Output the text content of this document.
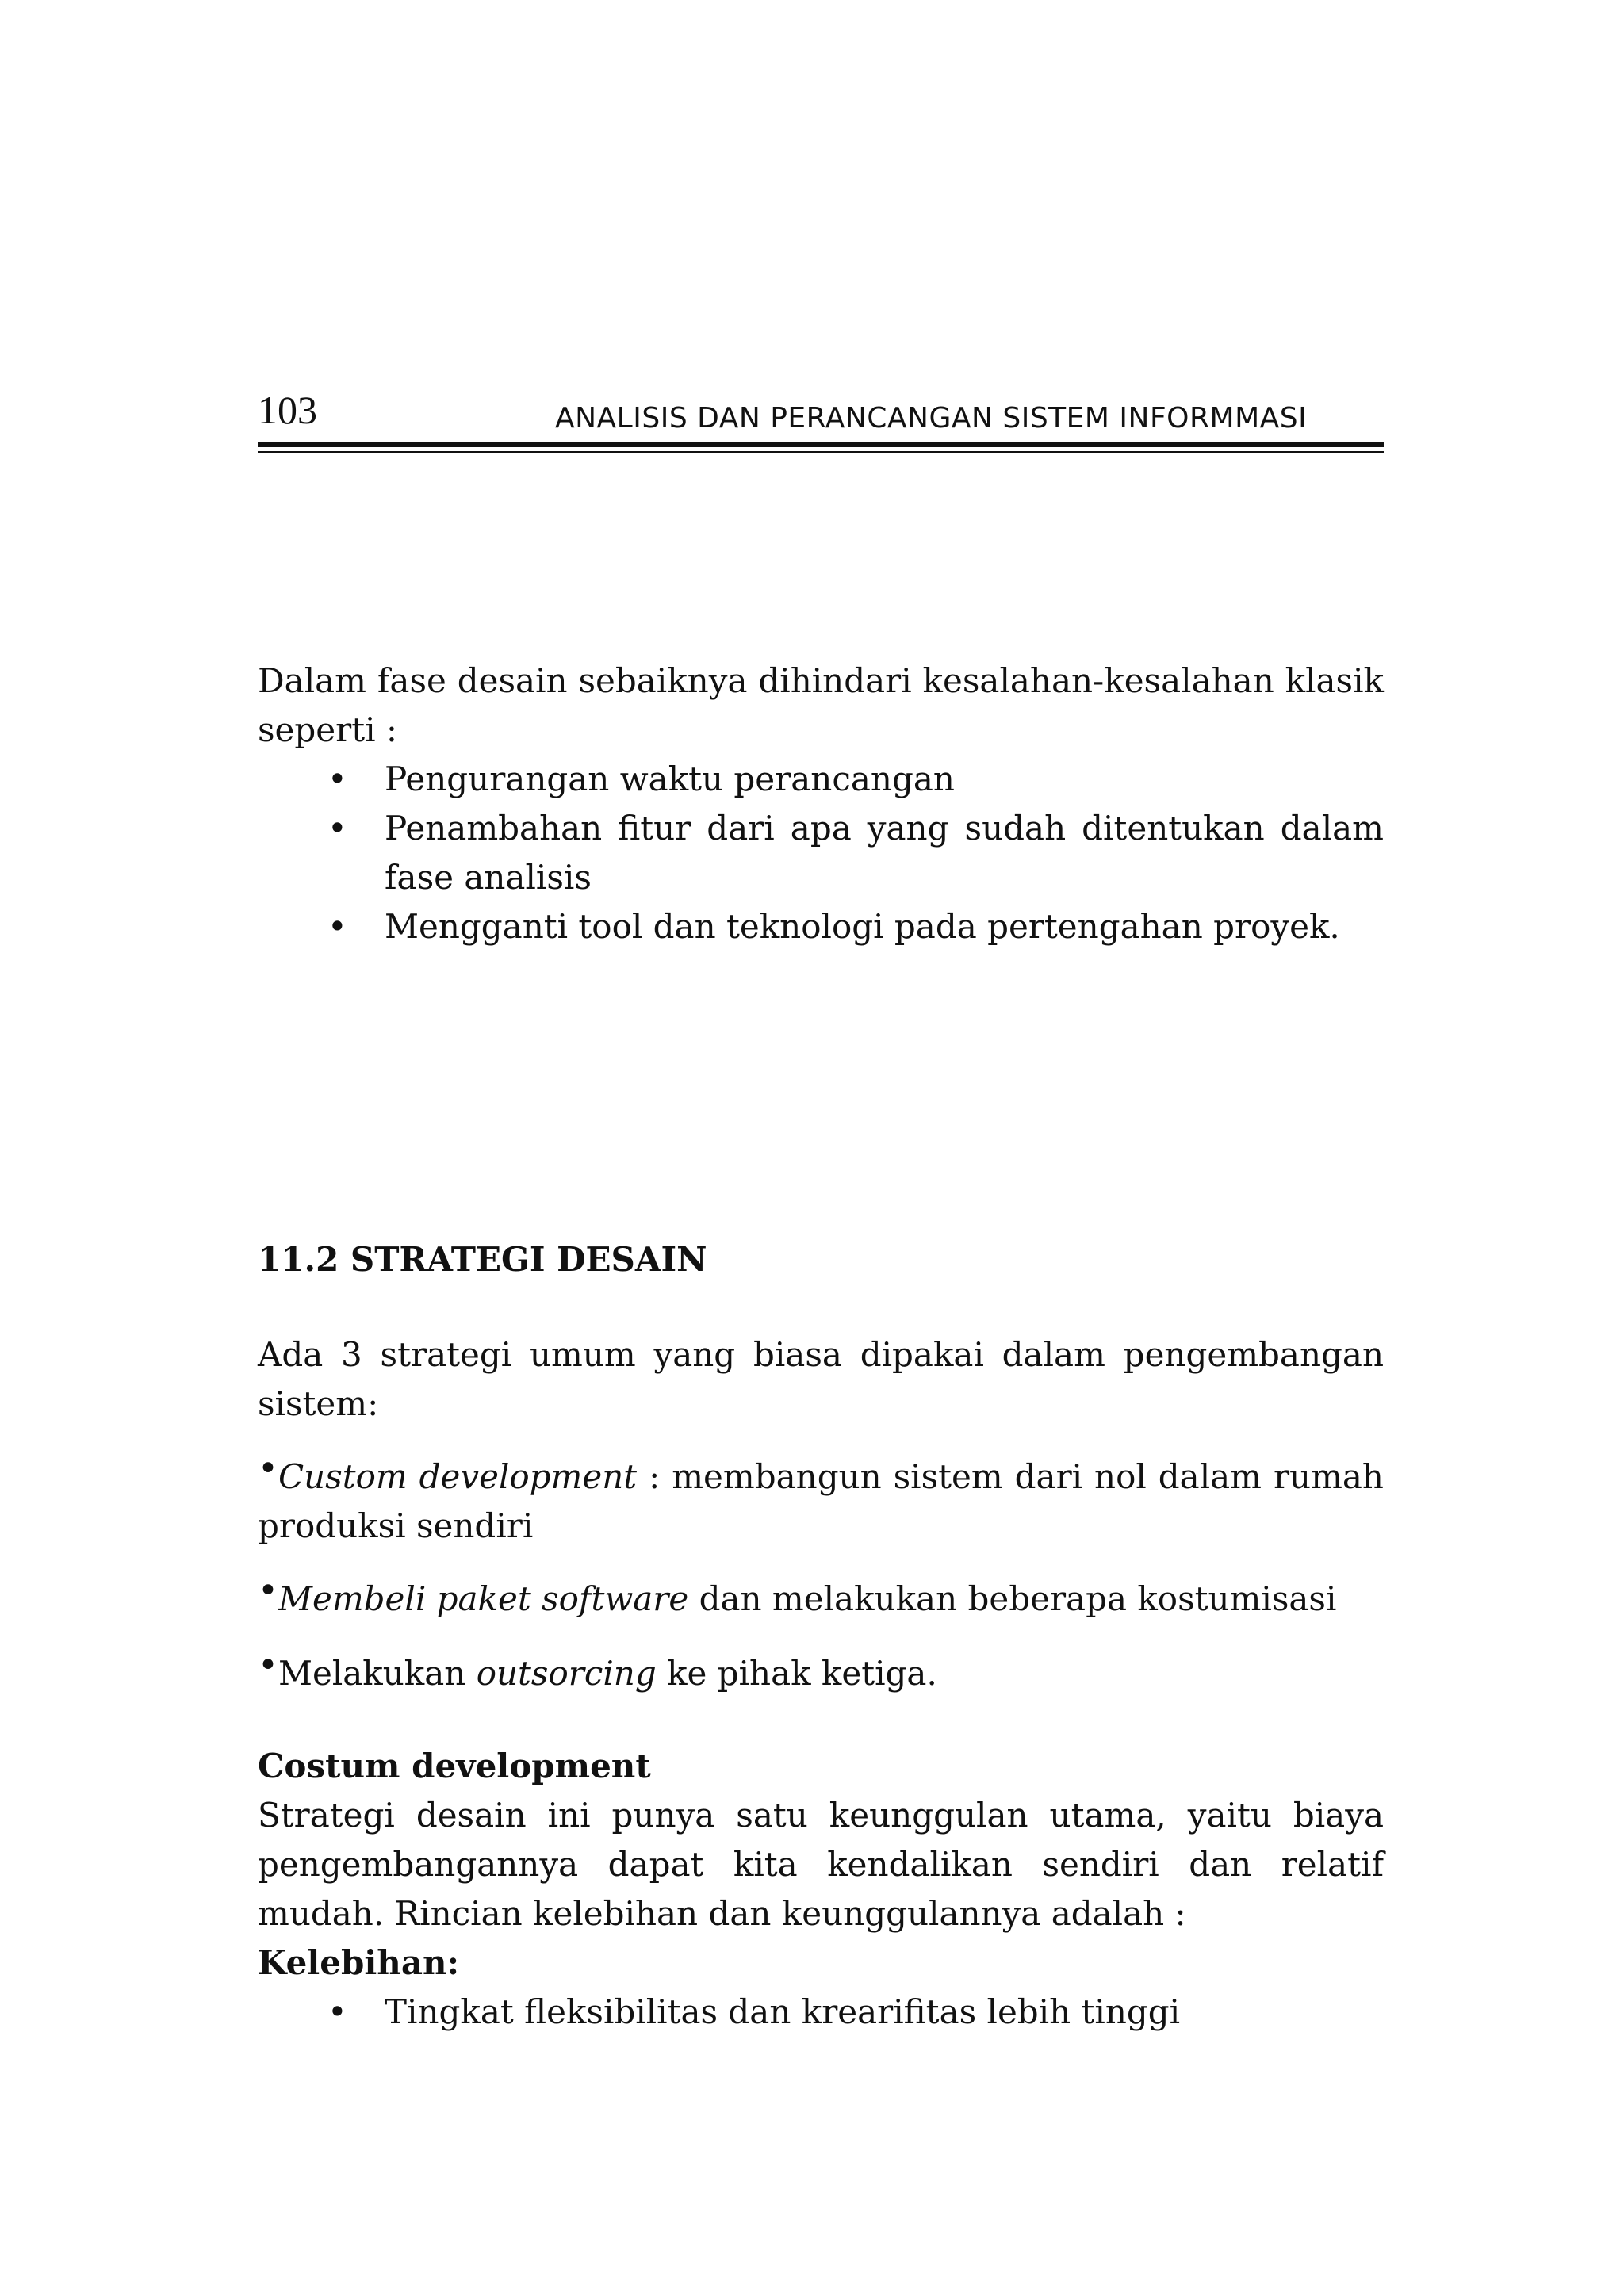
103	ANALISIS DAN PERANCANGAN SISTEM INFORMMASI

Dalam fase desain sebaiknya dihindari kesalahan-kesalahan klasik seperti :

• Pengurangan waktu perancangan
• Penambahan fitur dari apa yang sudah ditentukan dalam fase analisis
• Mengganti tool dan teknologi pada pertengahan proyek.

11.2 STRATEGI DESAIN

Ada 3 strategi umum yang biasa dipakai dalam pengembangan sistem:

•Custom development : membangun sistem dari nol dalam rumah produksi sendiri

•Membeli paket software dan melakukan beberapa kostumisasi

•Melakukan outsorcing ke pihak ketiga.

Costum development

Strategi desain ini punya satu keunggulan utama, yaitu biaya pengembangannya dapat kita kendalikan sendiri dan relatif mudah. Rincian kelebihan dan keunggulannya adalah :

Kelebihan:

• Tingkat fleksibilitas dan krearifitas lebih tinggi
